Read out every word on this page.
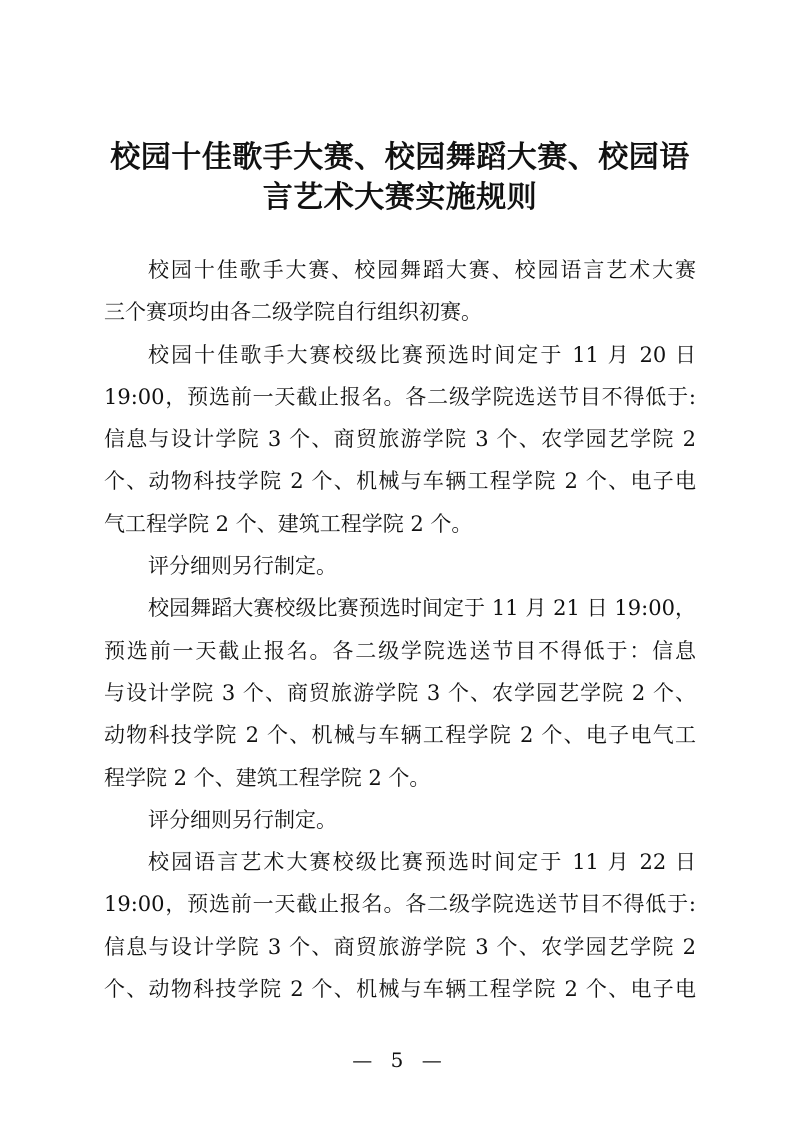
校园十佳歌手大赛、校园舞蹈大赛、校园语
言艺术大赛实施规则
校园十佳歌手大赛、校园舞蹈大赛、校园语言艺术大赛
三个赛项均由各二级学院自行组织初赛。
校园十佳歌手大赛校级比赛预选时间定于 11 月 20 日
19:00，预选前一天截止报名。各二级学院选送节目不得低于:
信息与设计学院 3 个、商贸旅游学院 3 个、农学园艺学院 2
个、动物科技学院 2 个、机械与车辆工程学院 2 个、电子电
气工程学院 2 个、建筑工程学院 2 个。
评分细则另行制定。
校园舞蹈大赛校级比赛预选时间定于 11 月 21 日 19:00，
预选前一天截止报名。各二级学院选送节目不得低于：信息
与设计学院 3 个、商贸旅游学院 3 个、农学园艺学院 2 个、
动物科技学院 2 个、机械与车辆工程学院 2 个、电子电气工
程学院 2 个、建筑工程学院 2 个。
评分细则另行制定。
校园语言艺术大赛校级比赛预选时间定于 11 月 22 日
19:00，预选前一天截止报名。各二级学院选送节目不得低于:
信息与设计学院 3 个、商贸旅游学院 3 个、农学园艺学院 2
个、动物科技学院 2 个、机械与车辆工程学院 2 个、电子电
— 5 —
